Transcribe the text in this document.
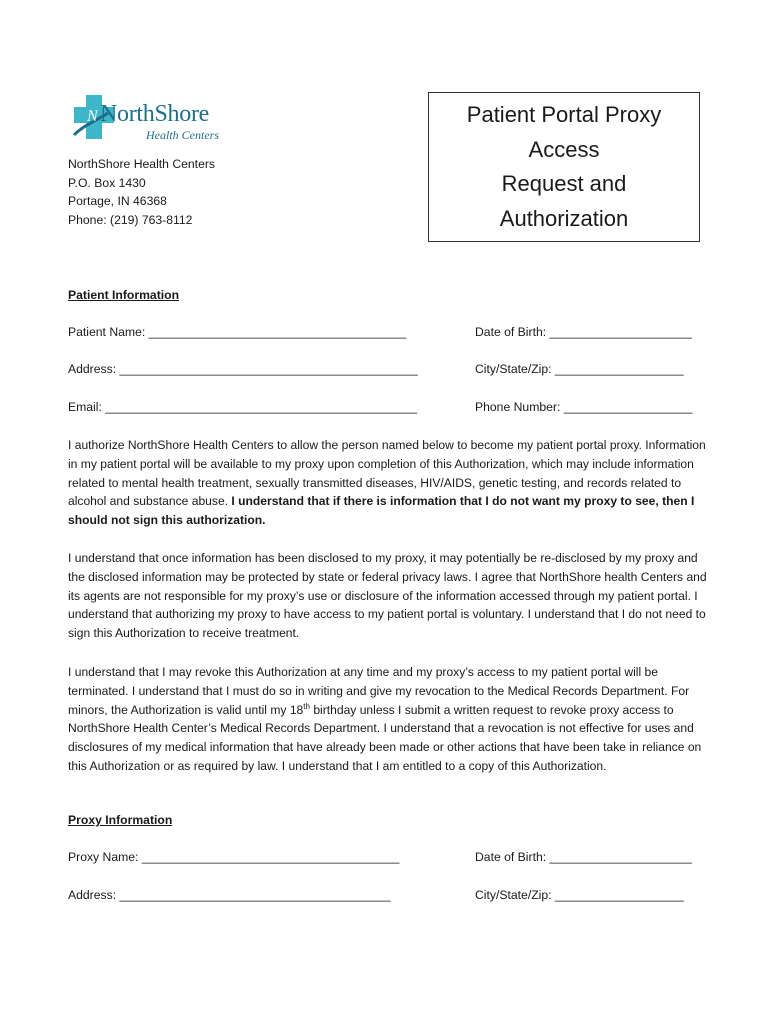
N NorthShore
Health Centers
NorthShore Health Centers
P.O. Box 1430
Portage, IN 46368
Phone: (219) 763-8112
Patient Portal Proxy
Access
Request and
Authorization
Patient Information
Patient Name: ______________________________________	Date of Birth: _____________________
Address: ____________________________________________	City/State/Zip: ___________________
Email: ______________________________________________	Phone Number: ___________________
I authorize NorthShore Health Centers to allow the person named below to become my patient portal proxy. Information in my patient portal will be available to my proxy upon completion of this Authorization, which may include information related to mental health treatment, sexually transmitted diseases, HIV/AIDS, genetic testing, and records related to alcohol and substance abuse. I understand that if there is information that I do not want my proxy to see, then I should not sign this authorization.
I understand that once information has been disclosed to my proxy, it may potentially be re-disclosed by my proxy and the disclosed information may be protected by state or federal privacy laws. I agree that NorthShore health Centers and its agents are not responsible for my proxy’s use or disclosure of the information accessed through my patient portal. I understand that authorizing my proxy to have access to my patient portal is voluntary. I understand that I do not need to sign this Authorization to receive treatment.
I understand that I may revoke this Authorization at any time and my proxy’s access to my patient portal will be terminated. I understand that I must do so in writing and give my revocation to the Medical Records Department. For minors, the Authorization is valid until my 18th birthday unless I submit a written request to revoke proxy access to NorthShore Health Center’s Medical Records Department. I understand that a revocation is not effective for uses and disclosures of my medical information that have already been made or other actions that have been take in reliance on this Authorization or as required by law. I understand that I am entitled to a copy of this Authorization.
Proxy Information
Proxy Name: ______________________________________	Date of Birth: _____________________
Address: ________________________________________	City/State/Zip: ___________________
